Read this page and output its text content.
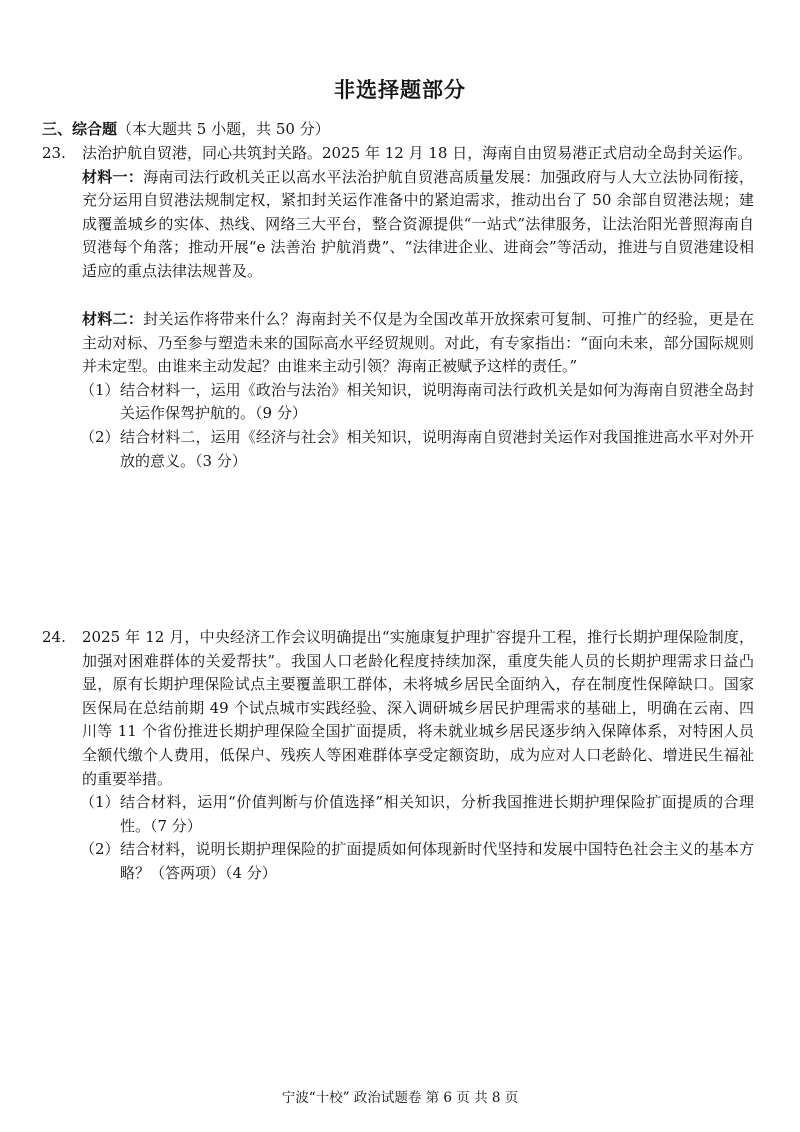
非选择题部分
三、综合题（本大题共 5 小题，共 50 分）
23.	法治护航自贸港，同心共筑封关路。2025 年 12 月 18 日，海南自由贸易港正式启动全岛封关运作。
材料一：海南司法行政机关正以高水平法治护航自贸港高质量发展：加强政府与人大立法协同衔接，充分运用自贸港法规制定权，紧扣封关运作准备中的紧迫需求，推动出台了 50 余部自贸港法规；建成覆盖城乡的实体、热线、网络三大平台，整合资源提供“一站式”法律服务，让法治阳光普照海南自贸港每个角落；推动开展“e 法善治 护航消费”、“法律进企业、进商会”等活动，推进与自贸港建设相适应的重点法律法规普及。
材料二：封关运作将带来什么？海南封关不仅是为全国改革开放探索可复制、可推广的经验，更是在主动对标、乃至参与塑造未来的国际高水平经贸规则。对此，有专家指出：“面向未来，部分国际规则并未定型。由谁来主动发起？由谁来主动引领？海南正被赋予这样的责任。”
（1） 结合材料一，运用《政治与法治》相关知识，说明海南司法行政机关是如何为海南自贸港全岛封关运作保驾护航的。（9 分）
（2） 结合材料二，运用《经济与社会》相关知识，说明海南自贸港封关运作对我国推进高水平对外开放的意义。（3 分）
24.	2025 年 12 月，中央经济工作会议明确提出“实施康复护理扩容提升工程，推行长期护理保险制度，加强对困难群体的关爱帮扶”。我国人口老龄化程度持续加深，重度失能人员的长期护理需求日益凸显，原有长期护理保险试点主要覆盖职工群体，未将城乡居民全面纳入，存在制度性保障缺口。国家医保局在总结前期 49 个试点城市实践经验、深入调研城乡居民护理需求的基础上，明确在云南、四川等 11 个省份推进长期护理保险全国扩面提质，将未就业城乡居民逐步纳入保障体系，对特困人员全额代缴个人费用，低保户、残疾人等困难群体享受定额资助，成为应对人口老龄化、增进民生福祉的重要举措。
（1） 结合材料，运用“价值判断与价值选择”相关知识，分析我国推进长期护理保险扩面提质的合理性。（7 分）
（2） 结合材料，说明长期护理保险的扩面提质如何体现新时代坚持和发展中国特色社会主义的基本方略？（答两项）（4 分）
宁波“十校” 政治试题卷 第 6 页 共 8 页
